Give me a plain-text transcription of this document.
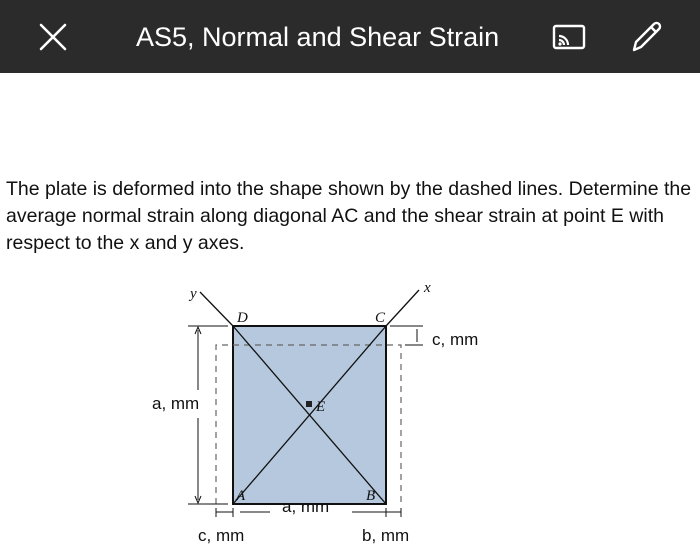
AS5, Normal and Shear Strain
The plate is deformed into the shape shown by the dashed lines. Determine the average normal strain along diagonal AC and the shear strain at point E with respect to the x and y axes.
y	x
D	C
A	B
E
a, mm
a, mm
c, mm
c, mm	b, mm
